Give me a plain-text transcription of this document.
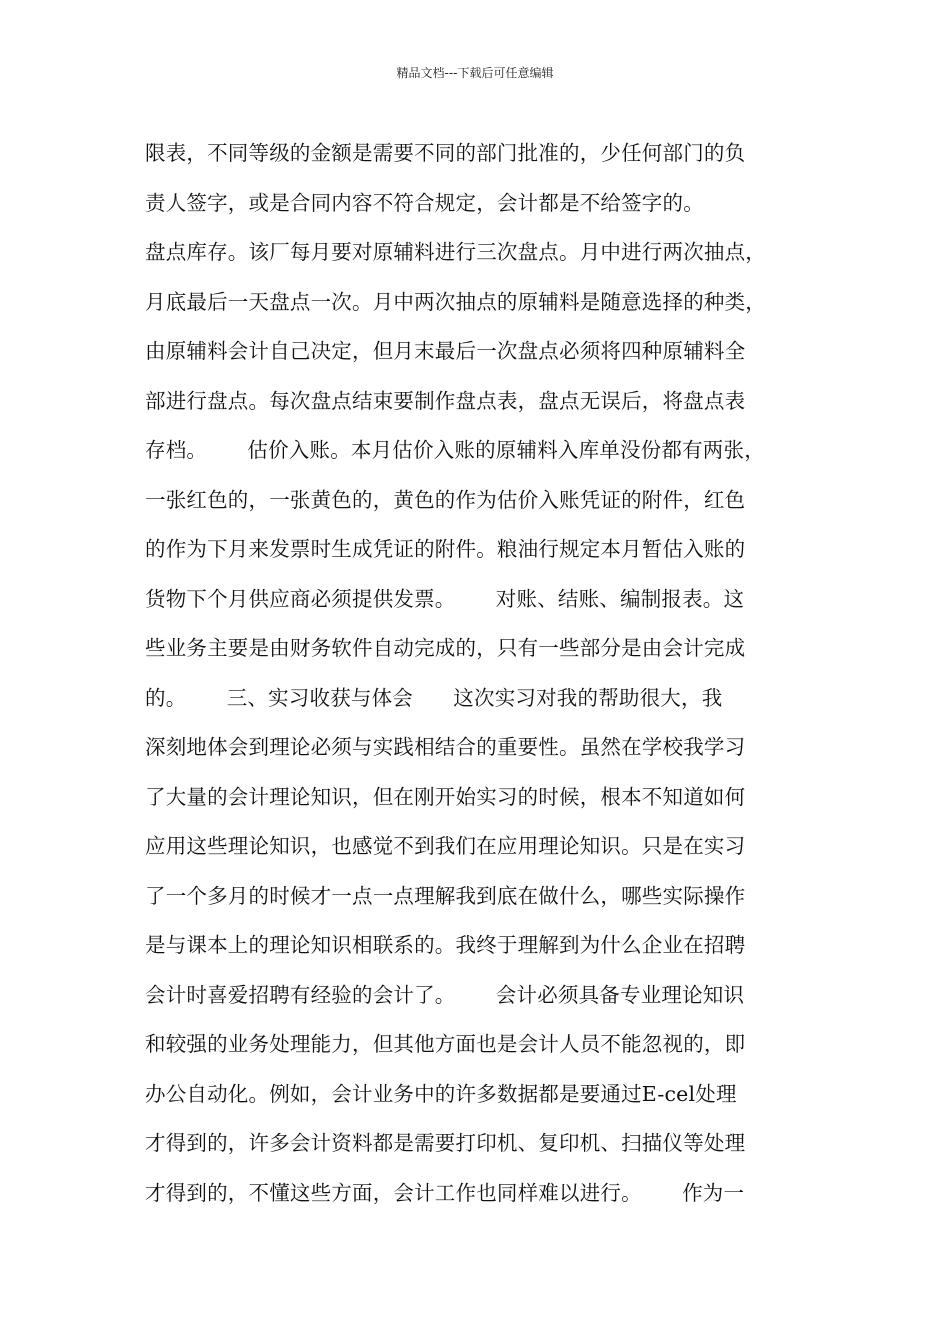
精品文档---下载后可任意编辑
限表，不同等级的金额是需要不同的部门批准的，少任何部门的负
责人签字，或是合同内容不符合规定，会计都是不给签字的。
盘点库存。该厂每月要对原辅料进行三次盘点。月中进行两次抽点，
月底最后一天盘点一次。月中两次抽点的原辅料是随意选择的种类，
由原辅料会计自己决定，但月末最后一次盘点必须将四种原辅料全
部进行盘点。每次盘点结束要制作盘点表，盘点无误后，将盘点表
存档。      估价入账。本月估价入账的原辅料入库单没份都有两张，
一张红色的，一张黄色的，黄色的作为估价入账凭证的附件，红色
的作为下月来发票时生成凭证的附件。粮油行规定本月暂估入账的
货物下个月供应商必须提供发票。      对账、结账、编制报表。这
些业务主要是由财务软件自动完成的，只有一些部分是由会计完成
的。      三、实习收获与体会      这次实习对我的帮助很大，我
深刻地体会到理论必须与实践相结合的重要性。虽然在学校我学习
了大量的会计理论知识，但在刚开始实习的时候，根本不知道如何
应用这些理论知识，也感觉不到我们在应用理论知识。只是在实习
了一个多月的时候才一点一点理解我到底在做什么，哪些实际操作
是与课本上的理论知识相联系的。我终于理解到为什么企业在招聘
会计时喜爱招聘有经验的会计了。      会计必须具备专业理论知识
和较强的业务处理能力，但其他方面也是会计人员不能忽视的，即
办公自动化。例如，会计业务中的许多数据都是要通过E-cel处理
才得到的，许多会计资料都是需要打印机、复印机、扫描仪等处理
才得到的，不懂这些方面，会计工作也同样难以进行。      作为一
